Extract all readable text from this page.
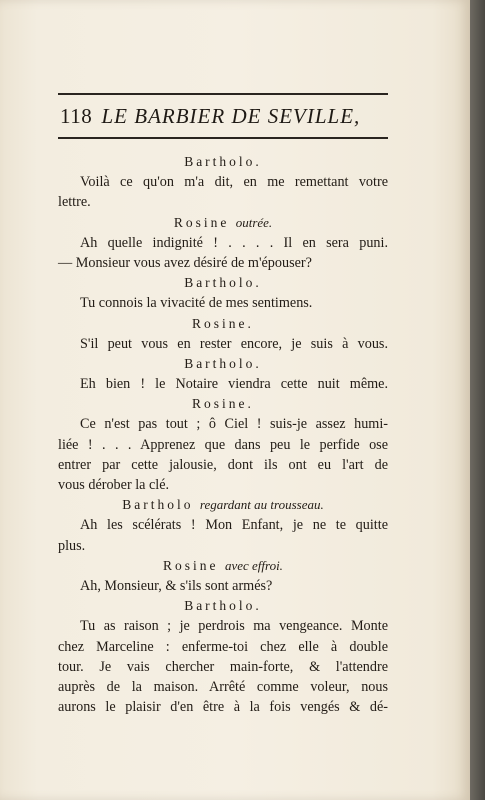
118 LE BARBIER DE SEVILLE,

Bartholo.

Voilà ce qu'on m'a dit, en me remettant votre

lettre.

Rosine outrée.

Ah quelle indignité ! . . . . Il en sera puni.

— Monsieur vous avez désiré de m'épouser?

Bartholo.

Tu connois la vivacité de mes sentimens.

Rosine.

S'il peut vous en rester encore, je suis à vous.

Bartholo.

Eh bien ! le Notaire viendra cette nuit même.

Rosine.

Ce n'est pas tout ; ô Ciel ! suis-je assez humi-

liée ! . . . Apprenez que dans peu le perfide ose

entrer par cette jalousie, dont ils ont eu l'art de

vous dérober la clé.

Bartholo regardant au trousseau.

Ah les scélérats ! Mon Enfant, je ne te quitte

plus.

Rosine avec effroi.

Ah, Monsieur, & s'ils sont armés?

Bartholo.

Tu as raison ; je perdrois ma vengeance. Monte

chez Marceline : enferme-toi chez elle à double

tour. Je vais chercher main-forte, & l'attendre

auprès de la maison. Arrêté comme voleur, nous

aurons le plaisir d'en être à la fois vengés & dé-
